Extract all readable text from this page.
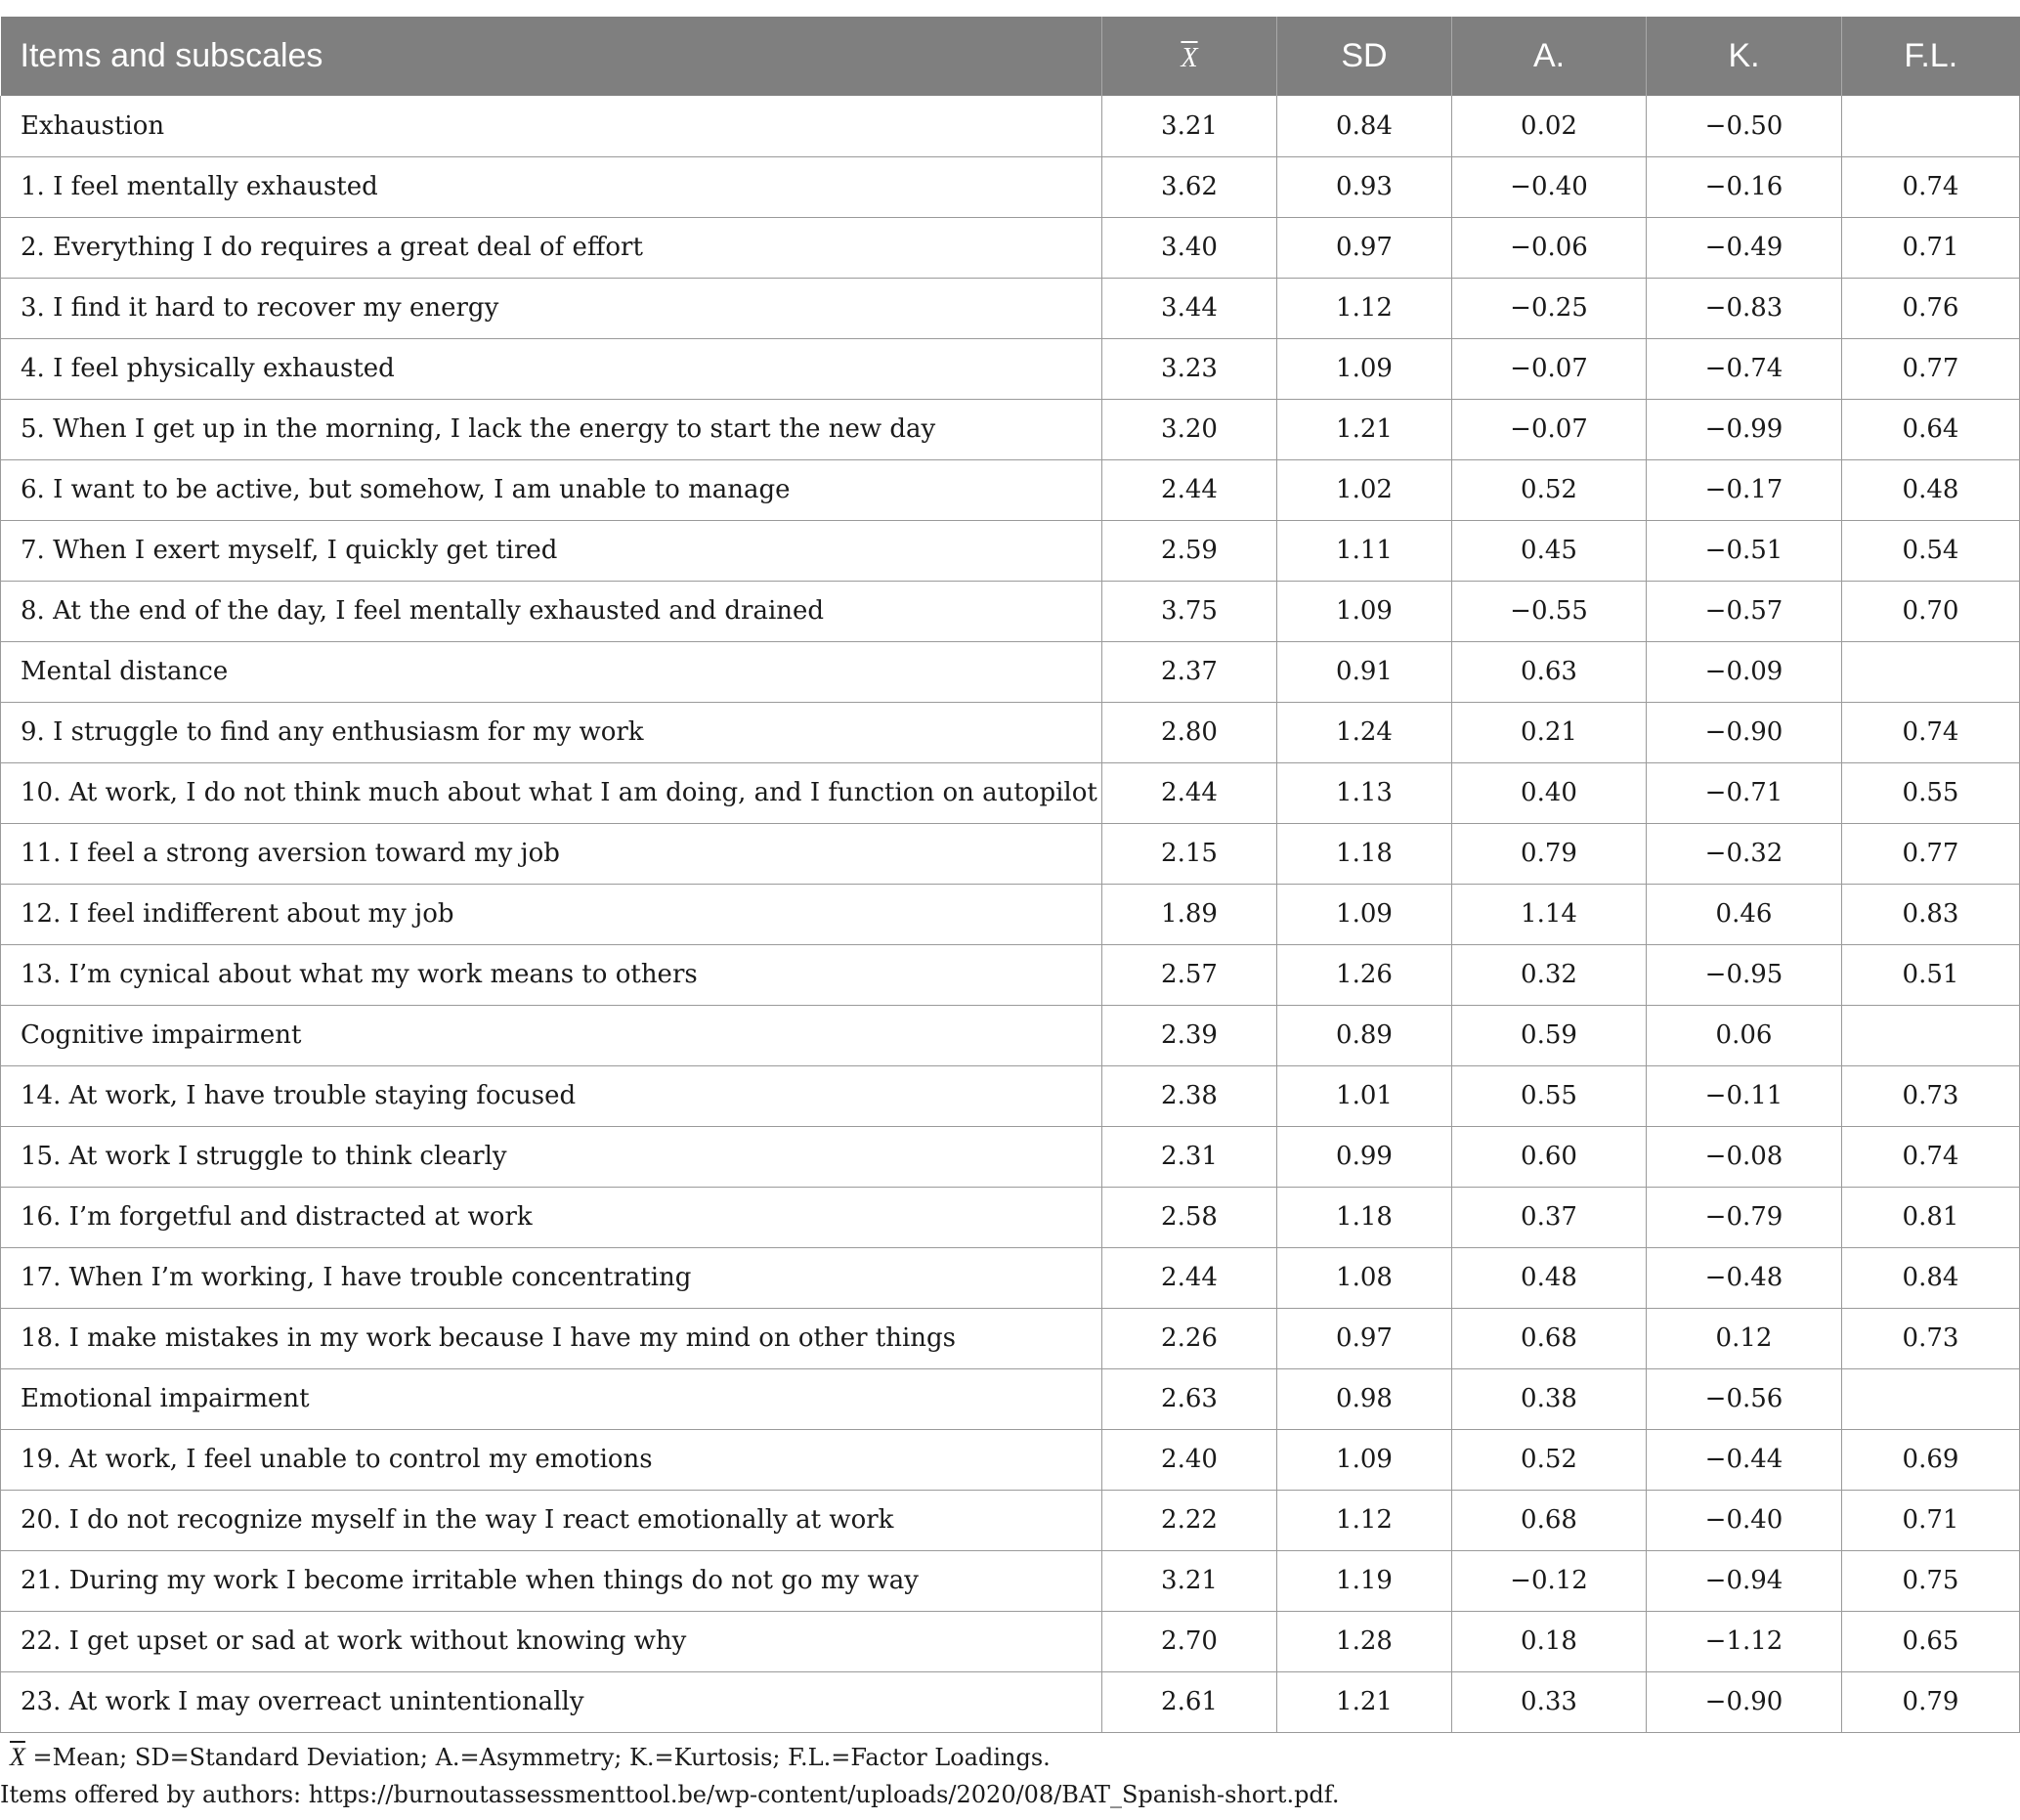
Items and subscales	$\overline{X}$	SD	A.	K.	F.L.
Exhaustion	3.21	0.84	0.02	−0.50	
1. I feel mentally exhausted	3.62	0.93	−0.40	−0.16	0.74
2. Everything I do requires a great deal of effort	3.40	0.97	−0.06	−0.49	0.71
3. I find it hard to recover my energy	3.44	1.12	−0.25	−0.83	0.76
4. I feel physically exhausted	3.23	1.09	−0.07	−0.74	0.77
5. When I get up in the morning, I lack the energy to start the new day	3.20	1.21	−0.07	−0.99	0.64
6. I want to be active, but somehow, I am unable to manage	2.44	1.02	0.52	−0.17	0.48
7. When I exert myself, I quickly get tired	2.59	1.11	0.45	−0.51	0.54
8. At the end of the day, I feel mentally exhausted and drained	3.75	1.09	−0.55	−0.57	0.70
Mental distance	2.37	0.91	0.63	−0.09	
9. I struggle to find any enthusiasm for my work	2.80	1.24	0.21	−0.90	0.74
10. At work, I do not think much about what I am doing, and I function on autopilot	2.44	1.13	0.40	−0.71	0.55
11. I feel a strong aversion toward my job	2.15	1.18	0.79	−0.32	0.77
12. I feel indifferent about my job	1.89	1.09	1.14	0.46	0.83
13. I’m cynical about what my work means to others	2.57	1.26	0.32	−0.95	0.51
Cognitive impairment	2.39	0.89	0.59	0.06	
14. At work, I have trouble staying focused	2.38	1.01	0.55	−0.11	0.73
15. At work I struggle to think clearly	2.31	0.99	0.60	−0.08	0.74
16. I’m forgetful and distracted at work	2.58	1.18	0.37	−0.79	0.81
17. When I’m working, I have trouble concentrating	2.44	1.08	0.48	−0.48	0.84
18. I make mistakes in my work because I have my mind on other things	2.26	0.97	0.68	0.12	0.73
Emotional impairment	2.63	0.98	0.38	−0.56	
19. At work, I feel unable to control my emotions	2.40	1.09	0.52	−0.44	0.69
20. I do not recognize myself in the way I react emotionally at work	2.22	1.12	0.68	−0.40	0.71
21. During my work I become irritable when things do not go my way	3.21	1.19	−0.12	−0.94	0.75
22. I get upset or sad at work without knowing why	2.70	1.28	0.18	−1.12	0.65
23. At work I may overreact unintentionally	2.61	1.21	0.33	−0.90	0.79
$\overline{X}$ =Mean; SD=Standard Deviation; A.=Asymmetry; K.=Kurtosis; F.L.=Factor Loadings.
Items offered by authors: https://burnoutassessmenttool.be/wp-content/uploads/2020/08/BAT_Spanish-short.pdf.
